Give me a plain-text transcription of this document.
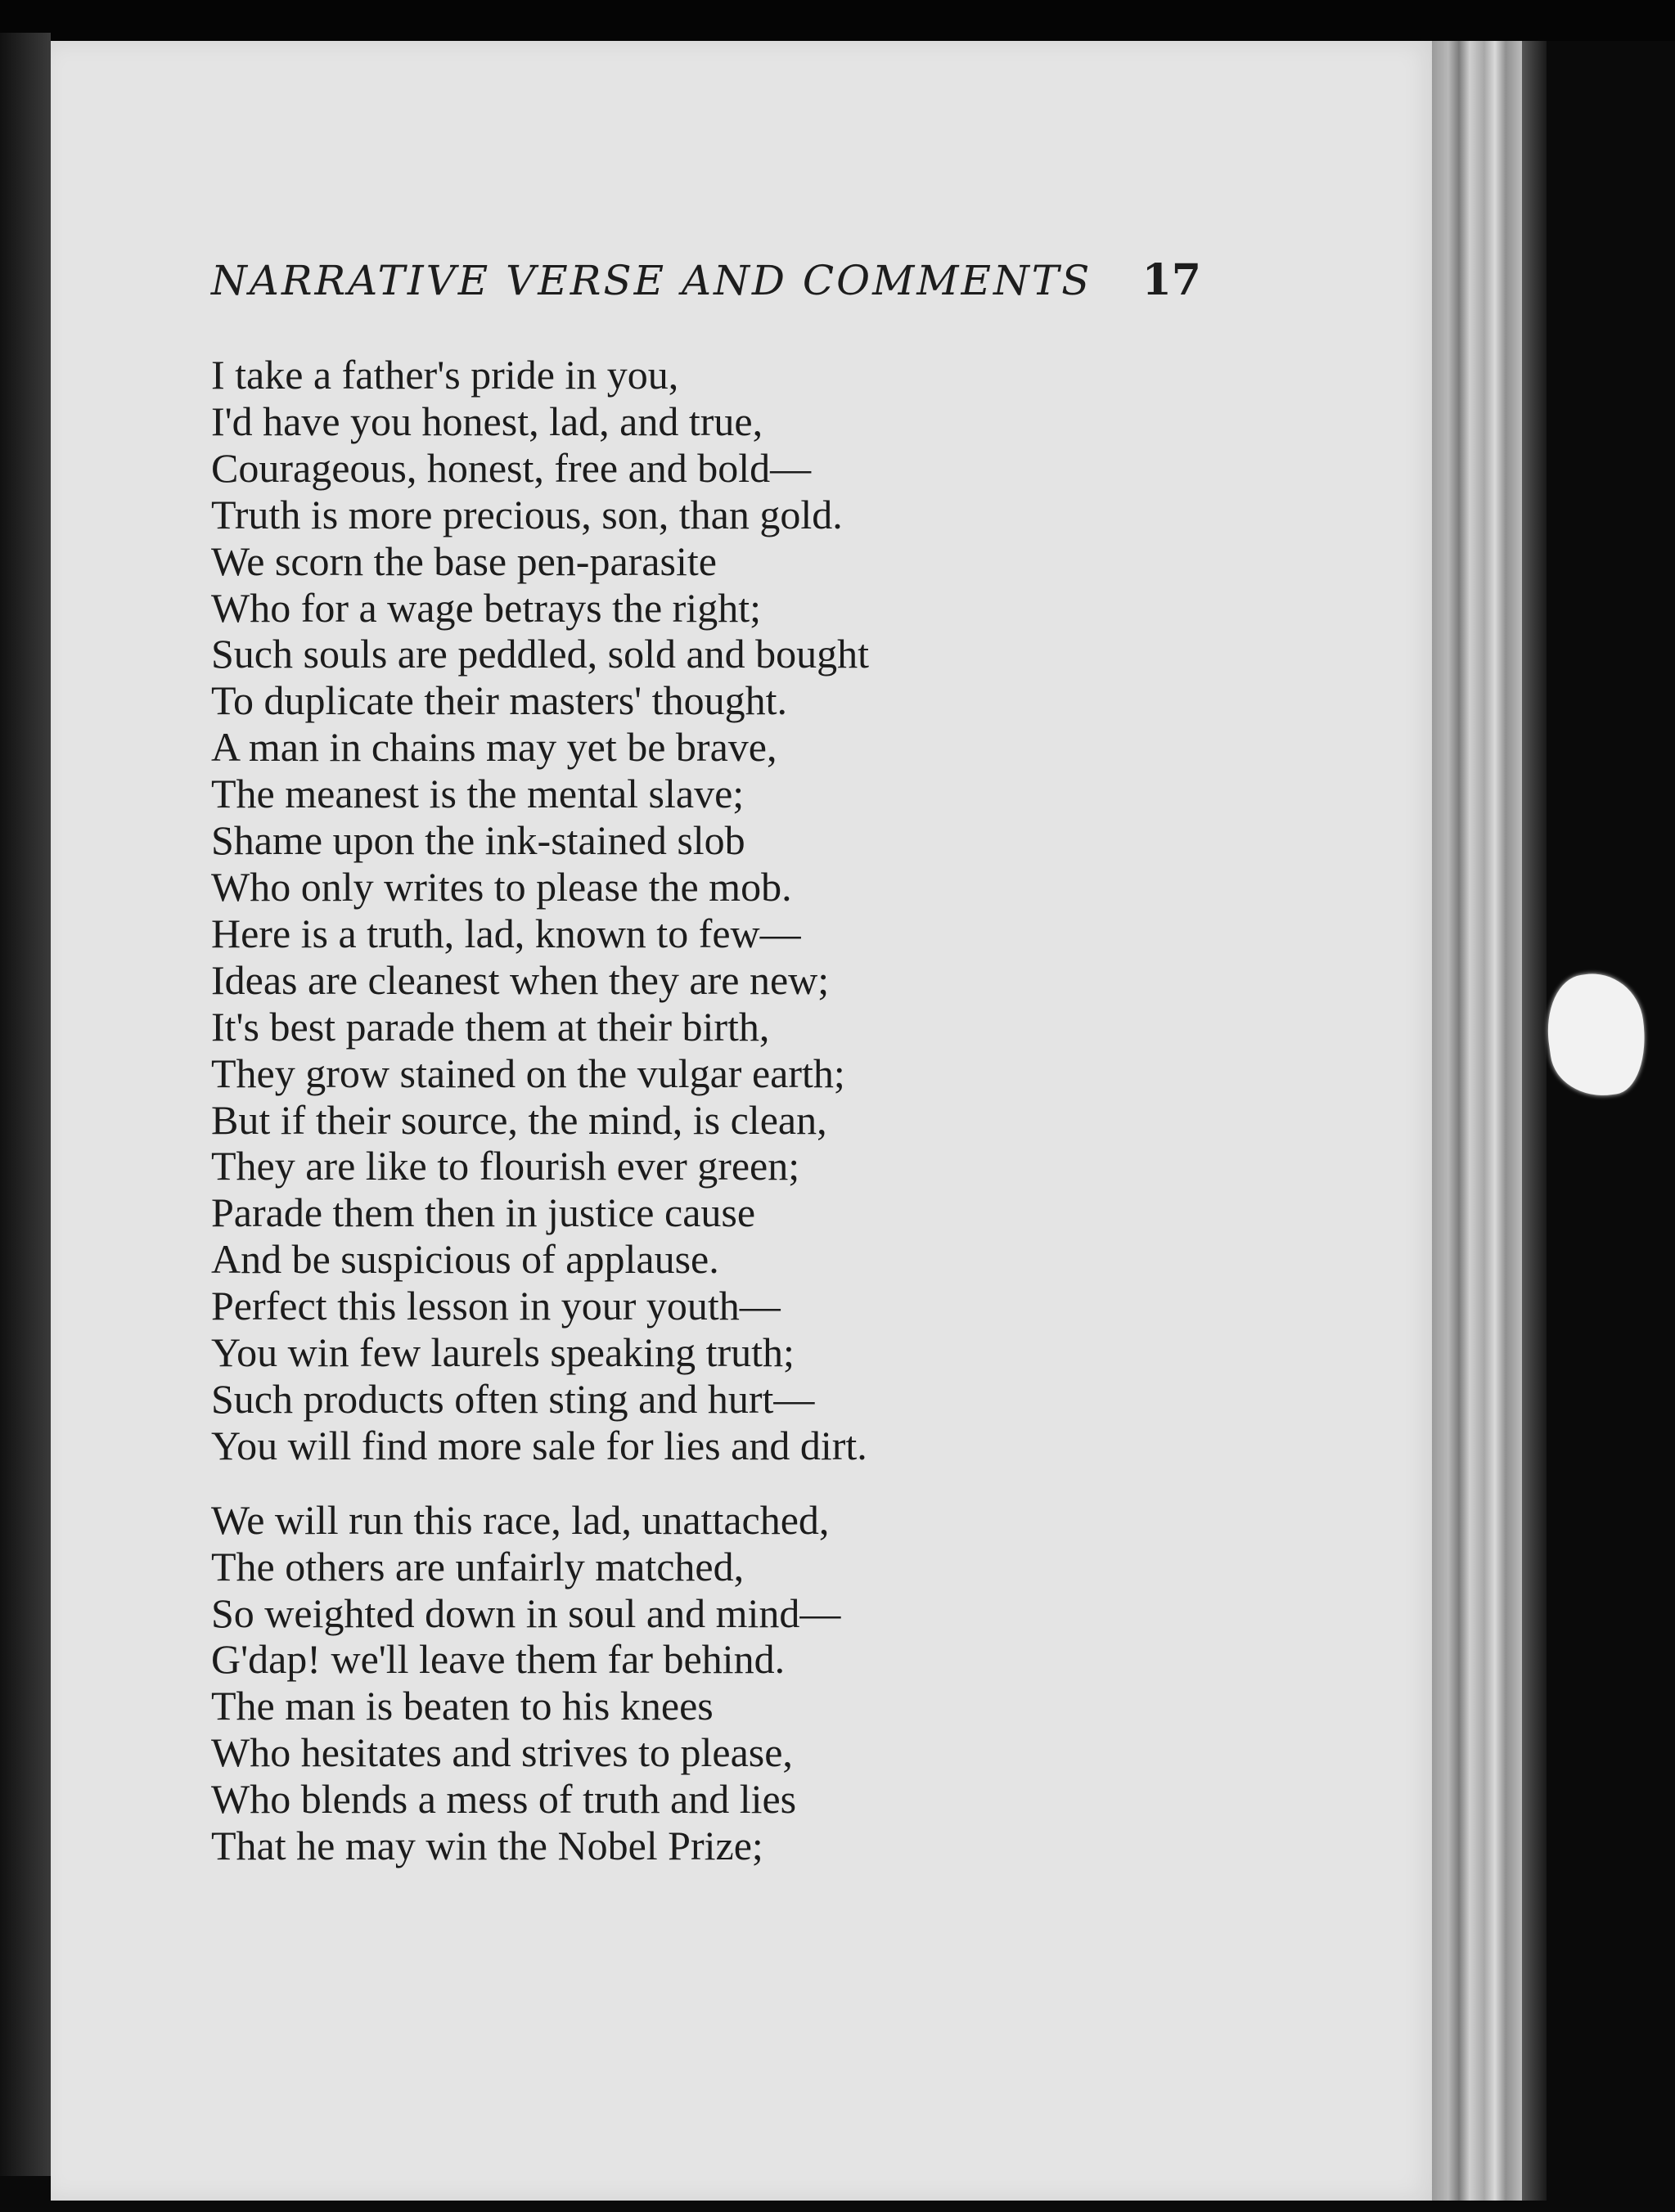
NARRATIVE VERSE AND COMMENTS 17
I take a father's pride in you,
I'd have you honest, lad, and true,
Courageous, honest, free and bold—
Truth is more precious, son, than gold.
We scorn the base pen-parasite
Who for a wage betrays the right;
Such souls are peddled, sold and bought
To duplicate their masters' thought.
A man in chains may yet be brave,
The meanest is the mental slave;
Shame upon the ink-stained slob
Who only writes to please the mob.
Here is a truth, lad, known to few—
Ideas are cleanest when they are new;
It's best parade them at their birth,
They grow stained on the vulgar earth;
But if their source, the mind, is clean,
They are like to flourish ever green;
Parade them then in justice cause
And be suspicious of applause.
Perfect this lesson in your youth—
You win few laurels speaking truth;
Such products often sting and hurt—
You will find more sale for lies and dirt.
We will run this race, lad, unattached,
The others are unfairly matched,
So weighted down in soul and mind—
G'dap! we'll leave them far behind.
The man is beaten to his knees
Who hesitates and strives to please,
Who blends a mess of truth and lies
That he may win the Nobel Prize;
